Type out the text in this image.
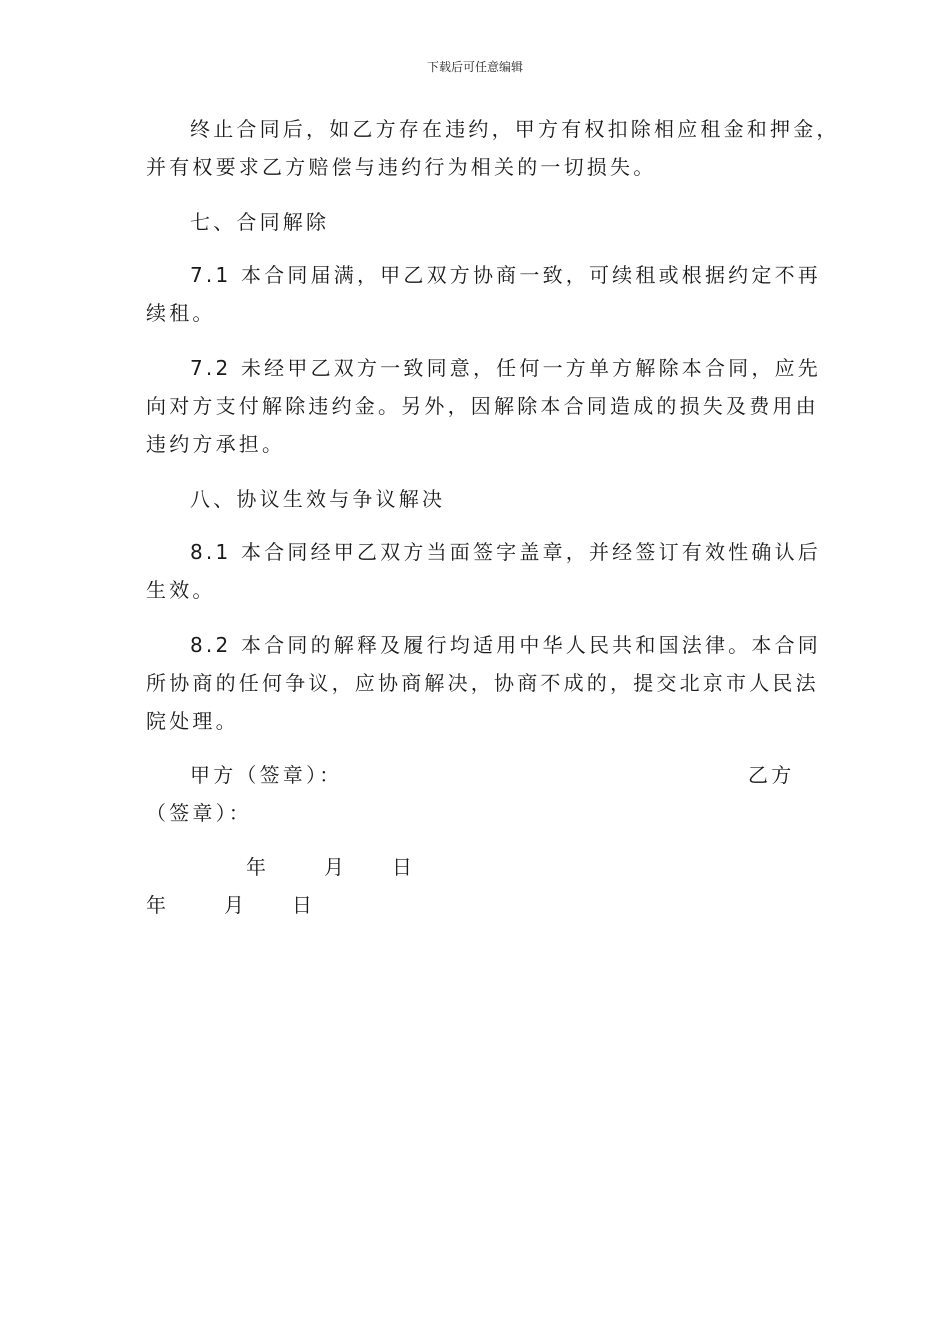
下载后可任意编辑
终止合同后，如乙方存在违约，甲方有权扣除相应租金和押金，
并有权要求乙方赔偿与违约行为相关的一切损失。
七、合同解除
7.1 本合同届满，甲乙双方协商一致，可续租或根据约定不再
续租。
7.2 未经甲乙双方一致同意，任何一方单方解除本合同，应先
向对方支付解除违约金。另外，因解除本合同造成的损失及费用由
违约方承担。
八、协议生效与争议解决
8.1 本合同经甲乙双方当面签字盖章，并经签订有效性确认后
生效。
8.2 本合同的解释及履行均适用中华人民共和国法律。本合同
所协商的任何争议，应协商解决，协商不成的，提交北京市人民法
院处理。
甲方（签章）：	乙方
（签章）：
年	月 日
年	月 日
